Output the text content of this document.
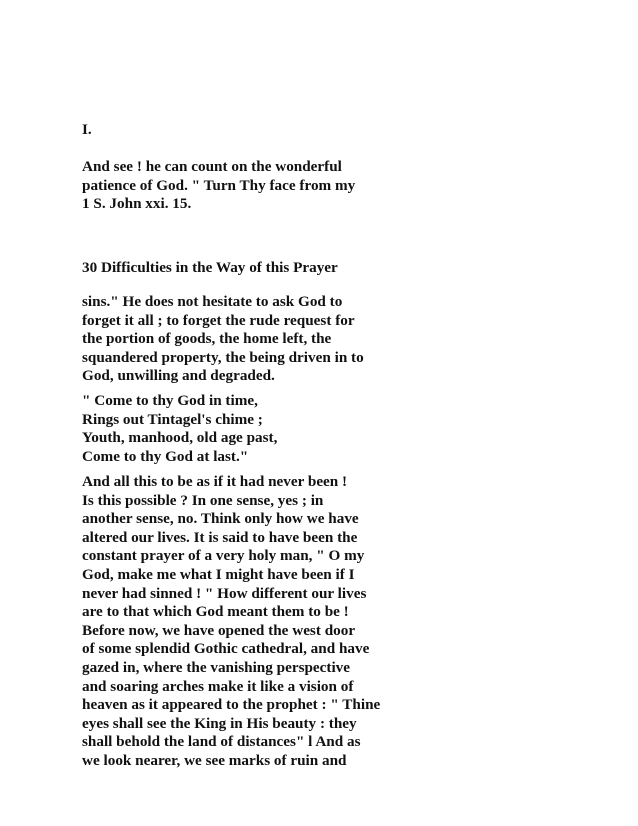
I.
And see ! he can count on the wonderful
patience of God. " Turn Thy face from my
1 S. John xxi. 15.
30 Difficulties in the Way of this Prayer
sins." He does not hesitate to ask God to
forget it all ; to forget the rude request for
the portion of goods, the home left, the
squandered property, the being driven in to
God, unwilling and degraded.
" Come to thy God in time,
Rings out Tintagel's chime ;
Youth, manhood, old age past,
Come to thy God at last."
And all this to be as if it had never been !
Is this possible ? In one sense, yes ; in
another sense, no. Think only how we have
altered our lives. It is said to have been the
constant prayer of a very holy man, " O my
God, make me what I might have been if I
never had sinned ! " How different our lives
are to that which God meant them to be !
Before now, we have opened the west door
of some splendid Gothic cathedral, and have
gazed in, where the vanishing perspective
and soaring arches make it like a vision of
heaven as it appeared to the prophet : " Thine
eyes shall see the King in His beauty : they
shall behold the land of distances" l And as
we look nearer, we see marks of ruin and
